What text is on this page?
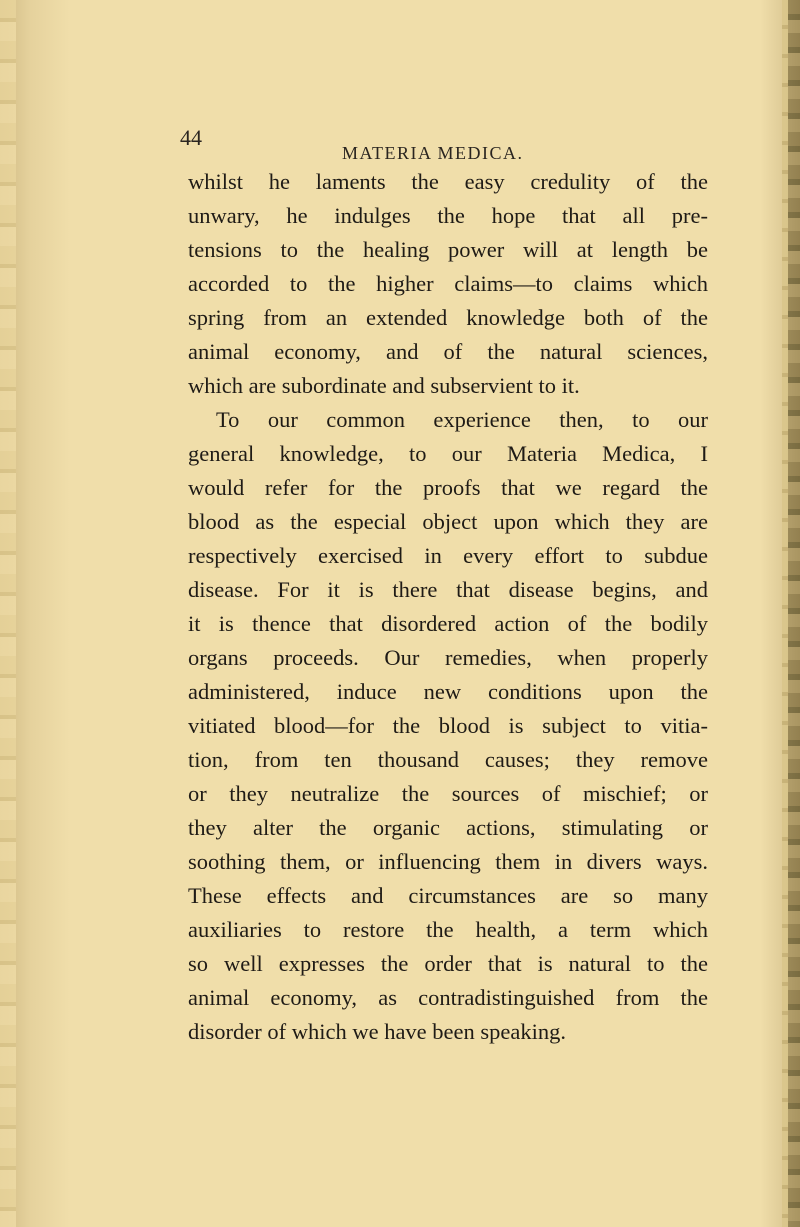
44
MATERIA MEDICA.
whilst he laments the easy credulity of the
unwary, he indulges the hope that all pre-
tensions to the healing power will at length be
accorded to the higher claims—to claims which
spring from an extended knowledge both of the
animal economy, and of the natural sciences,
which are subordinate and subservient to it.
To our common experience then, to our
general knowledge, to our Materia Medica, I
would refer for the proofs that we regard the
blood as the especial object upon which they are
respectively exercised in every effort to subdue
disease. For it is there that disease begins, and
it is thence that disordered action of the bodily
organs proceeds. Our remedies, when properly
administered, induce new conditions upon the
vitiated blood—for the blood is subject to vitia-
tion, from ten thousand causes; they remove
or they neutralize the sources of mischief; or
they alter the organic actions, stimulating or
soothing them, or influencing them in divers ways.
These effects and circumstances are so many
auxiliaries to restore the health, a term which
so well expresses the order that is natural to the
animal economy, as contradistinguished from the
disorder of which we have been speaking.
